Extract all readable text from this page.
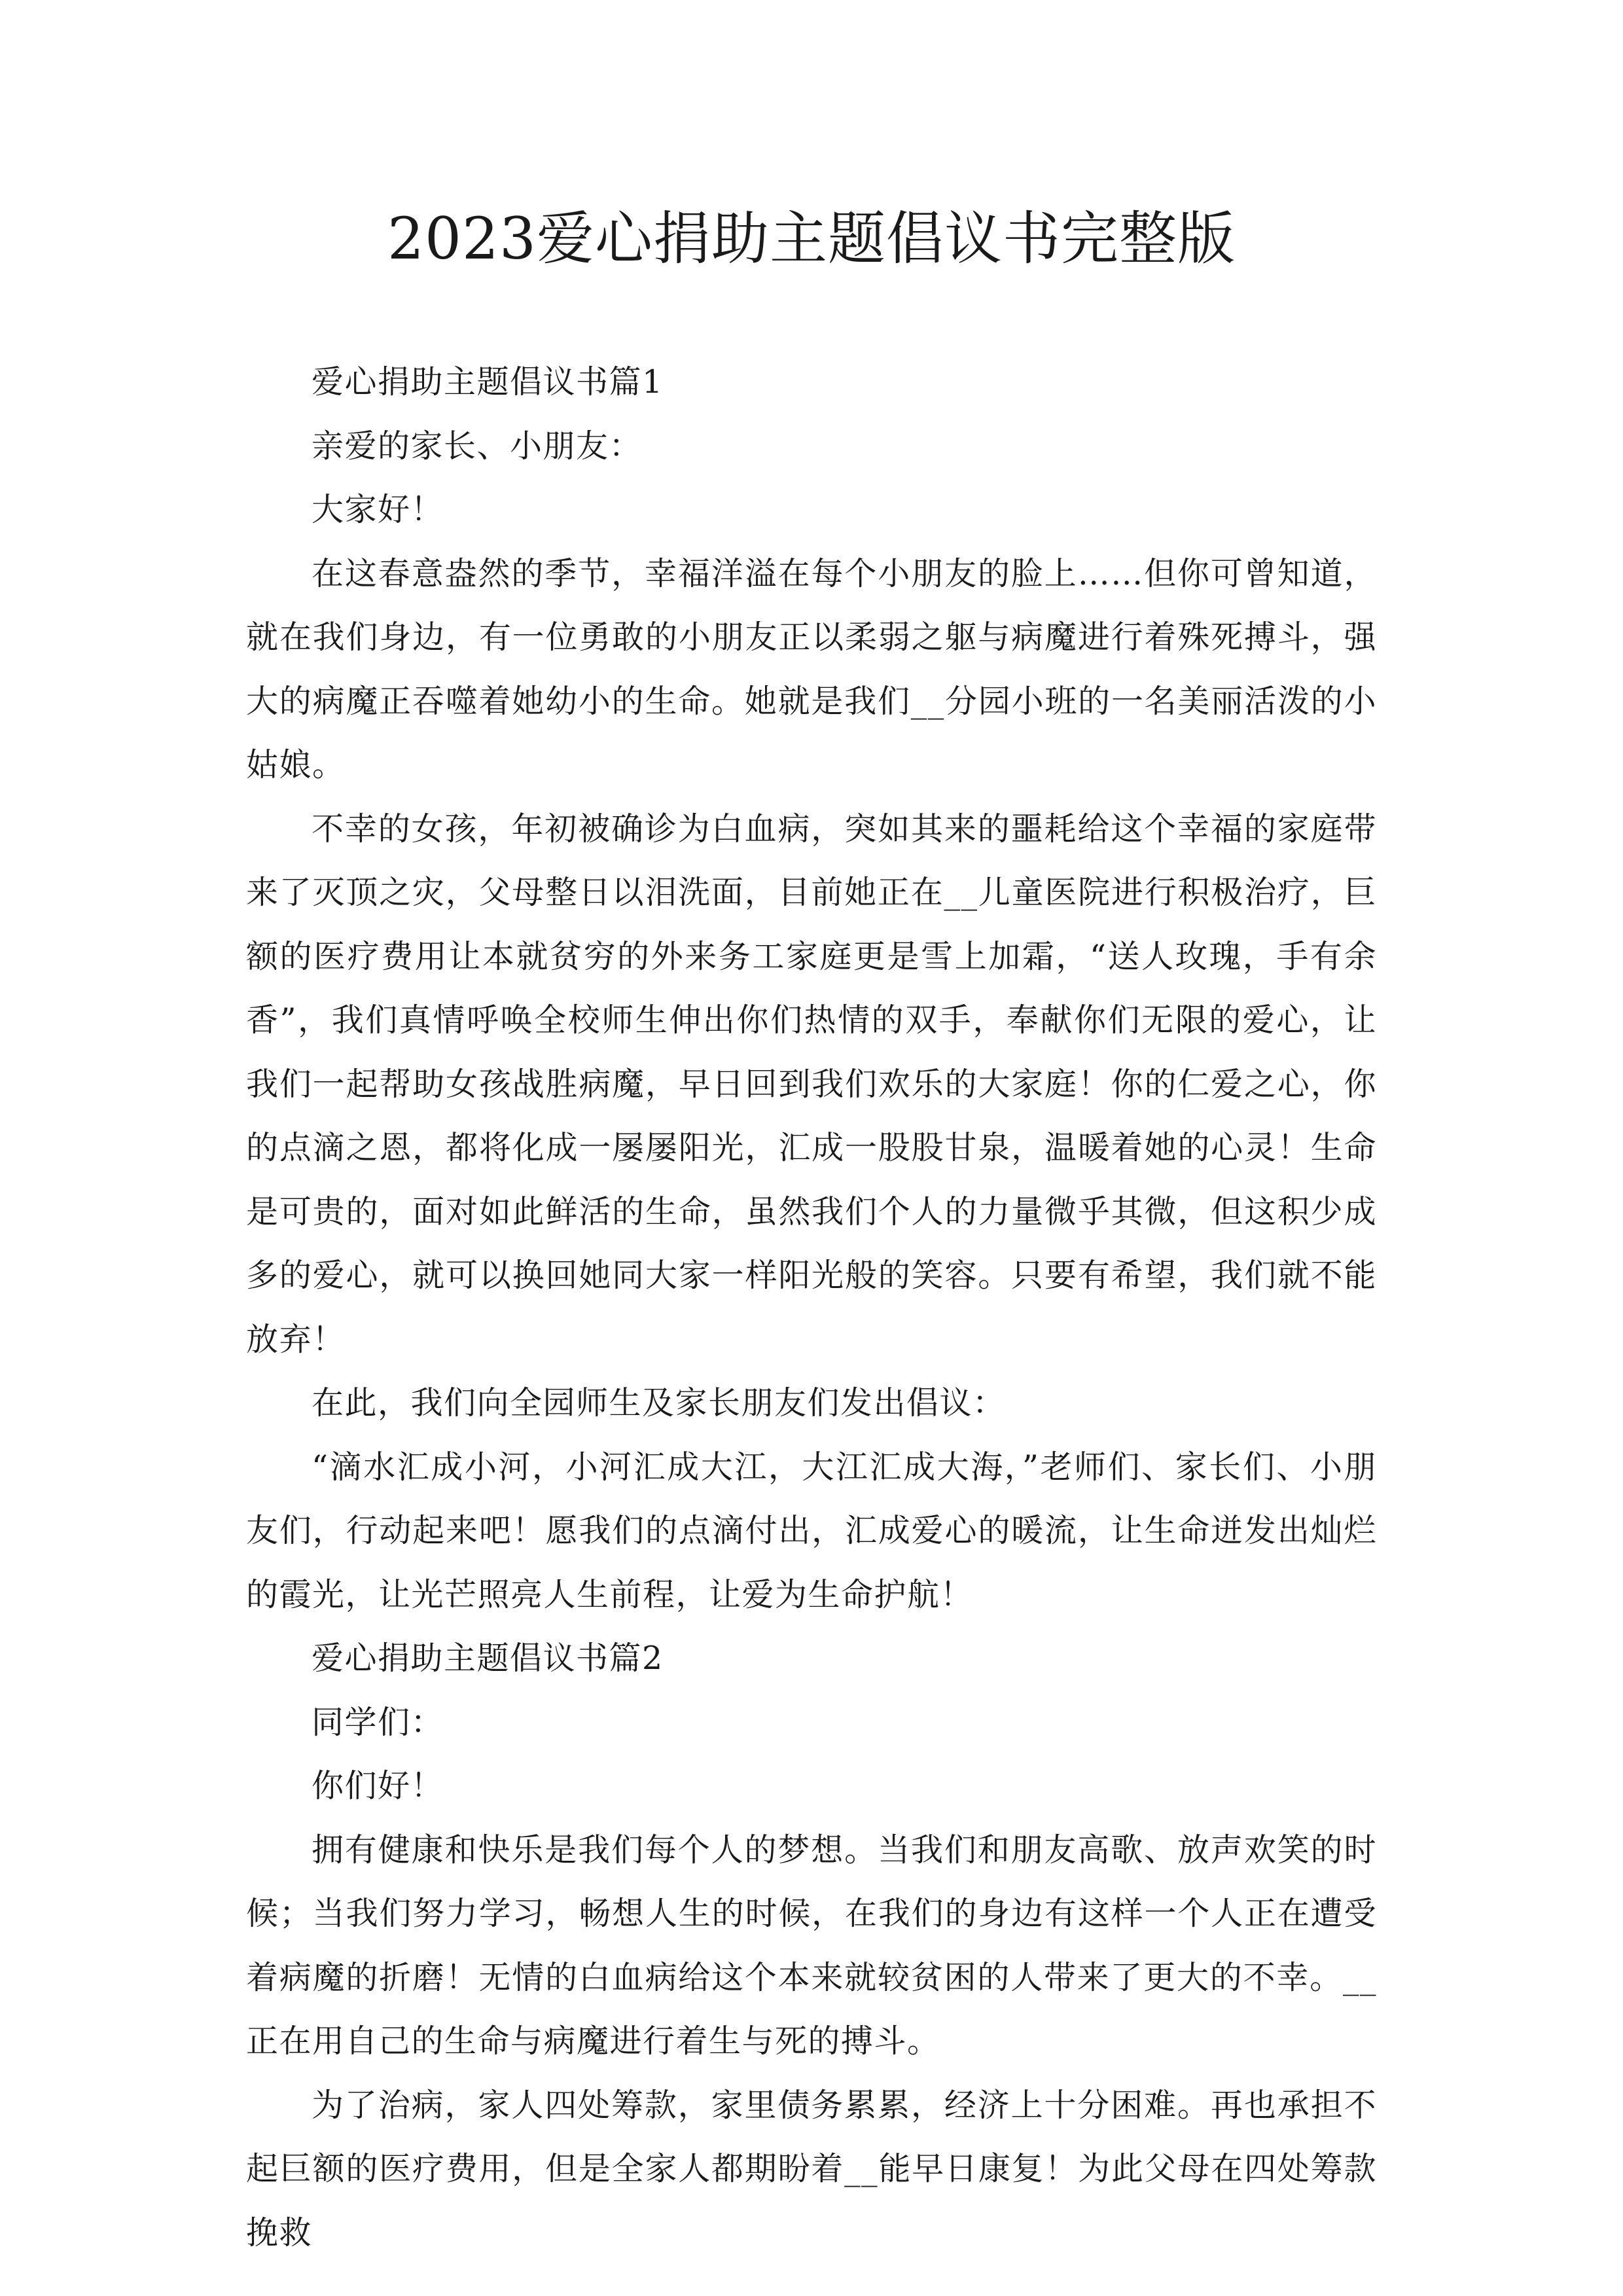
2023爱心捐助主题倡议书完整版

爱心捐助主题倡议书篇1

亲爱的家长、小朋友：

大家好！

在这春意盎然的季节，幸福洋溢在每个小朋友的脸上……但你可曾知道，就在我们身边，有一位勇敢的小朋友正以柔弱之躯与病魔进行着殊死搏斗，强大的病魔正吞噬着她幼小的生命。她就是我们__分园小班的一名美丽活泼的小姑娘。

不幸的女孩，年初被确诊为白血病，突如其来的噩耗给这个幸福的家庭带来了灭顶之灾，父母整日以泪洗面，目前她正在__儿童医院进行积极治疗，巨额的医疗费用让本就贫穷的外来务工家庭更是雪上加霜，“送人玫瑰，手有余香”，我们真情呼唤全校师生伸出你们热情的双手，奉献你们无限的爱心，让我们一起帮助女孩战胜病魔，早日回到我们欢乐的大家庭！你的仁爱之心，你的点滴之恩，都将化成一屡屡阳光，汇成一股股甘泉，温暖着她的心灵！生命是可贵的，面对如此鲜活的生命，虽然我们个人的力量微乎其微，但这积少成多的爱心，就可以换回她同大家一样阳光般的笑容。只要有希望，我们就不能放弃！

在此，我们向全园师生及家长朋友们发出倡议：

“滴水汇成小河，小河汇成大江，大江汇成大海，”老师们、家长们、小朋友们，行动起来吧！愿我们的点滴付出，汇成爱心的暖流，让生命迸发出灿烂的霞光，让光芒照亮人生前程，让爱为生命护航！

爱心捐助主题倡议书篇2

同学们：

你们好！

拥有健康和快乐是我们每个人的梦想。当我们和朋友高歌、放声欢笑的时候；当我们努力学习，畅想人生的时候，在我们的身边有这样一个人正在遭受着病魔的折磨！无情的白血病给这个本来就较贫困的人带来了更大的不幸。__正在用自己的生命与病魔进行着生与死的搏斗。

为了治病，家人四处筹款，家里债务累累，经济上十分困难。再也承担不起巨额的医疗费用，但是全家人都期盼着__能早日康复！为此父母在四处筹款挽救
